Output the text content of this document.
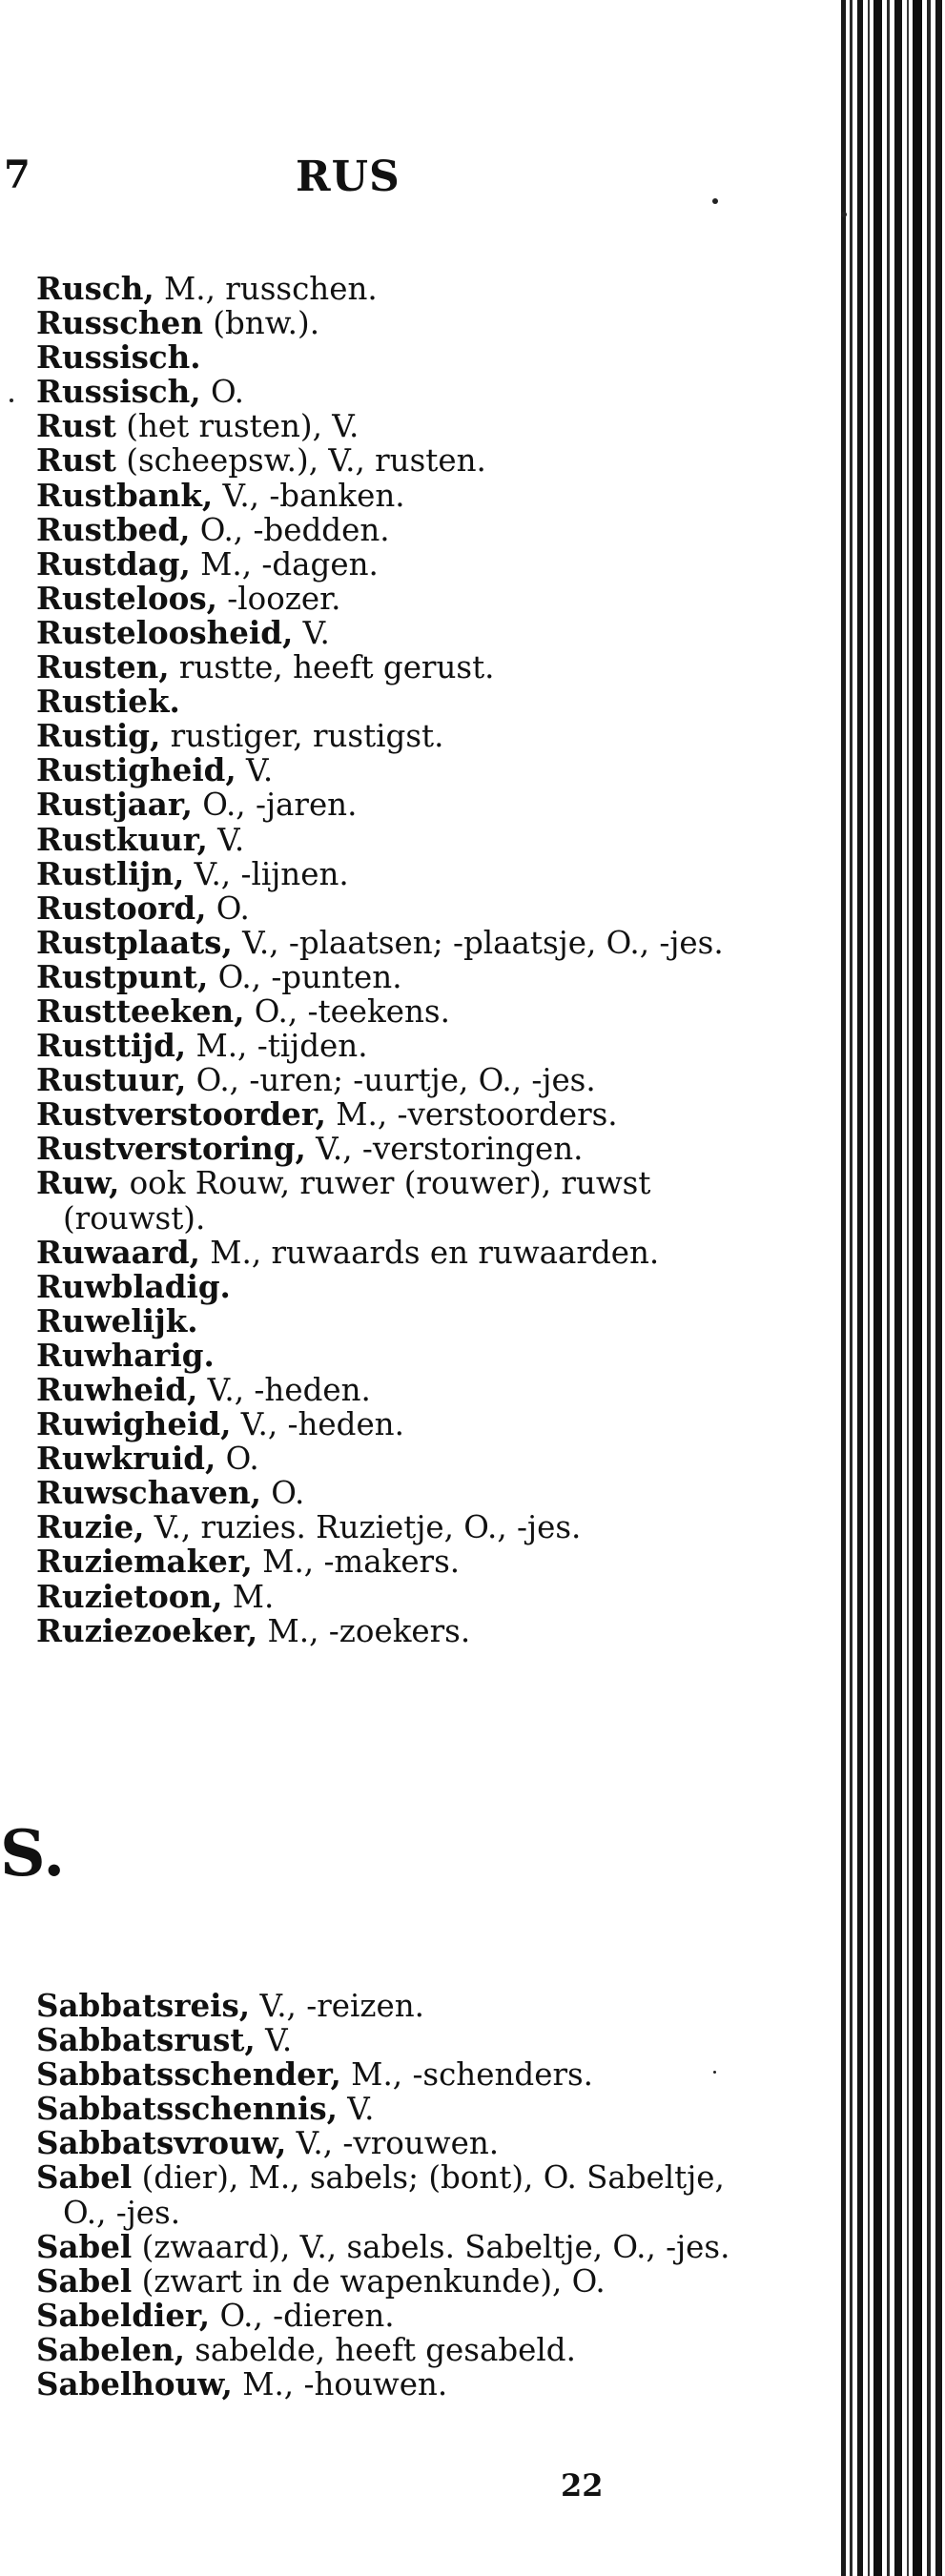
7	RUS
Rusch, M., russchen.
Russchen (bnw.).
Russisch.
Russisch, O.
Rust (het rusten), V.
Rust (scheepsw.), V., rusten.
Rustbank, V., -banken.
Rustbed, O., -bedden.
Rustdag, M., -dagen.
Rusteloos, -loozer.
Rusteloosheid, V.
Rusten, rustte, heeft gerust.
Rustiek.
Rustig, rustiger, rustigst.
Rustigheid, V.
Rustjaar, O., -jaren.
Rustkuur, V.
Rustlijn, V., -lijnen.
Rustoord, O.
Rustplaats, V., -plaatsen; -plaatsje, O., -jes.
Rustpunt, O., -punten.
Rustteeken, O., -teekens.
Rusttijd, M., -tijden.
Rustuur, O., -uren; -uurtje, O., -jes.
Rustverstoorder, M., -verstoorders.
Rustverstoring, V., -verstoringen.
Ruw, ook Rouw, ruwer (rouwer), ruwst (rouwst).
Ruwaard, M., ruwaards en ruwaarden.
Ruwbladig.
Ruwelijk.
Ruwharig.
Ruwheid, V., -heden.
Ruwigheid, V., -heden.
Ruwkruid, O.
Ruwschaven, O.
Ruzie, V., ruzies. Ruzietje, O., -jes.
Ruziemaker, M., -makers.
Ruzietoon, M.
Ruziezoeker, M., -zoekers.
S.
Sabbatsreis, V., -reizen.
Sabbatsrust, V.
Sabbatsschender, M., -schenders.
Sabbatsschennis, V.
Sabbatsvrouw, V., -vrouwen.
Sabel (dier), M., sabels; (bont), O. Sabeltje, O., -jes.
Sabel (zwaard), V., sabels. Sabeltje, O., -jes.
Sabel (zwart in de wapenkunde), O.
Sabeldier, O., -dieren.
Sabelen, sabelde, heeft gesabeld.
Sabelhouw, M., -houwen.
22
